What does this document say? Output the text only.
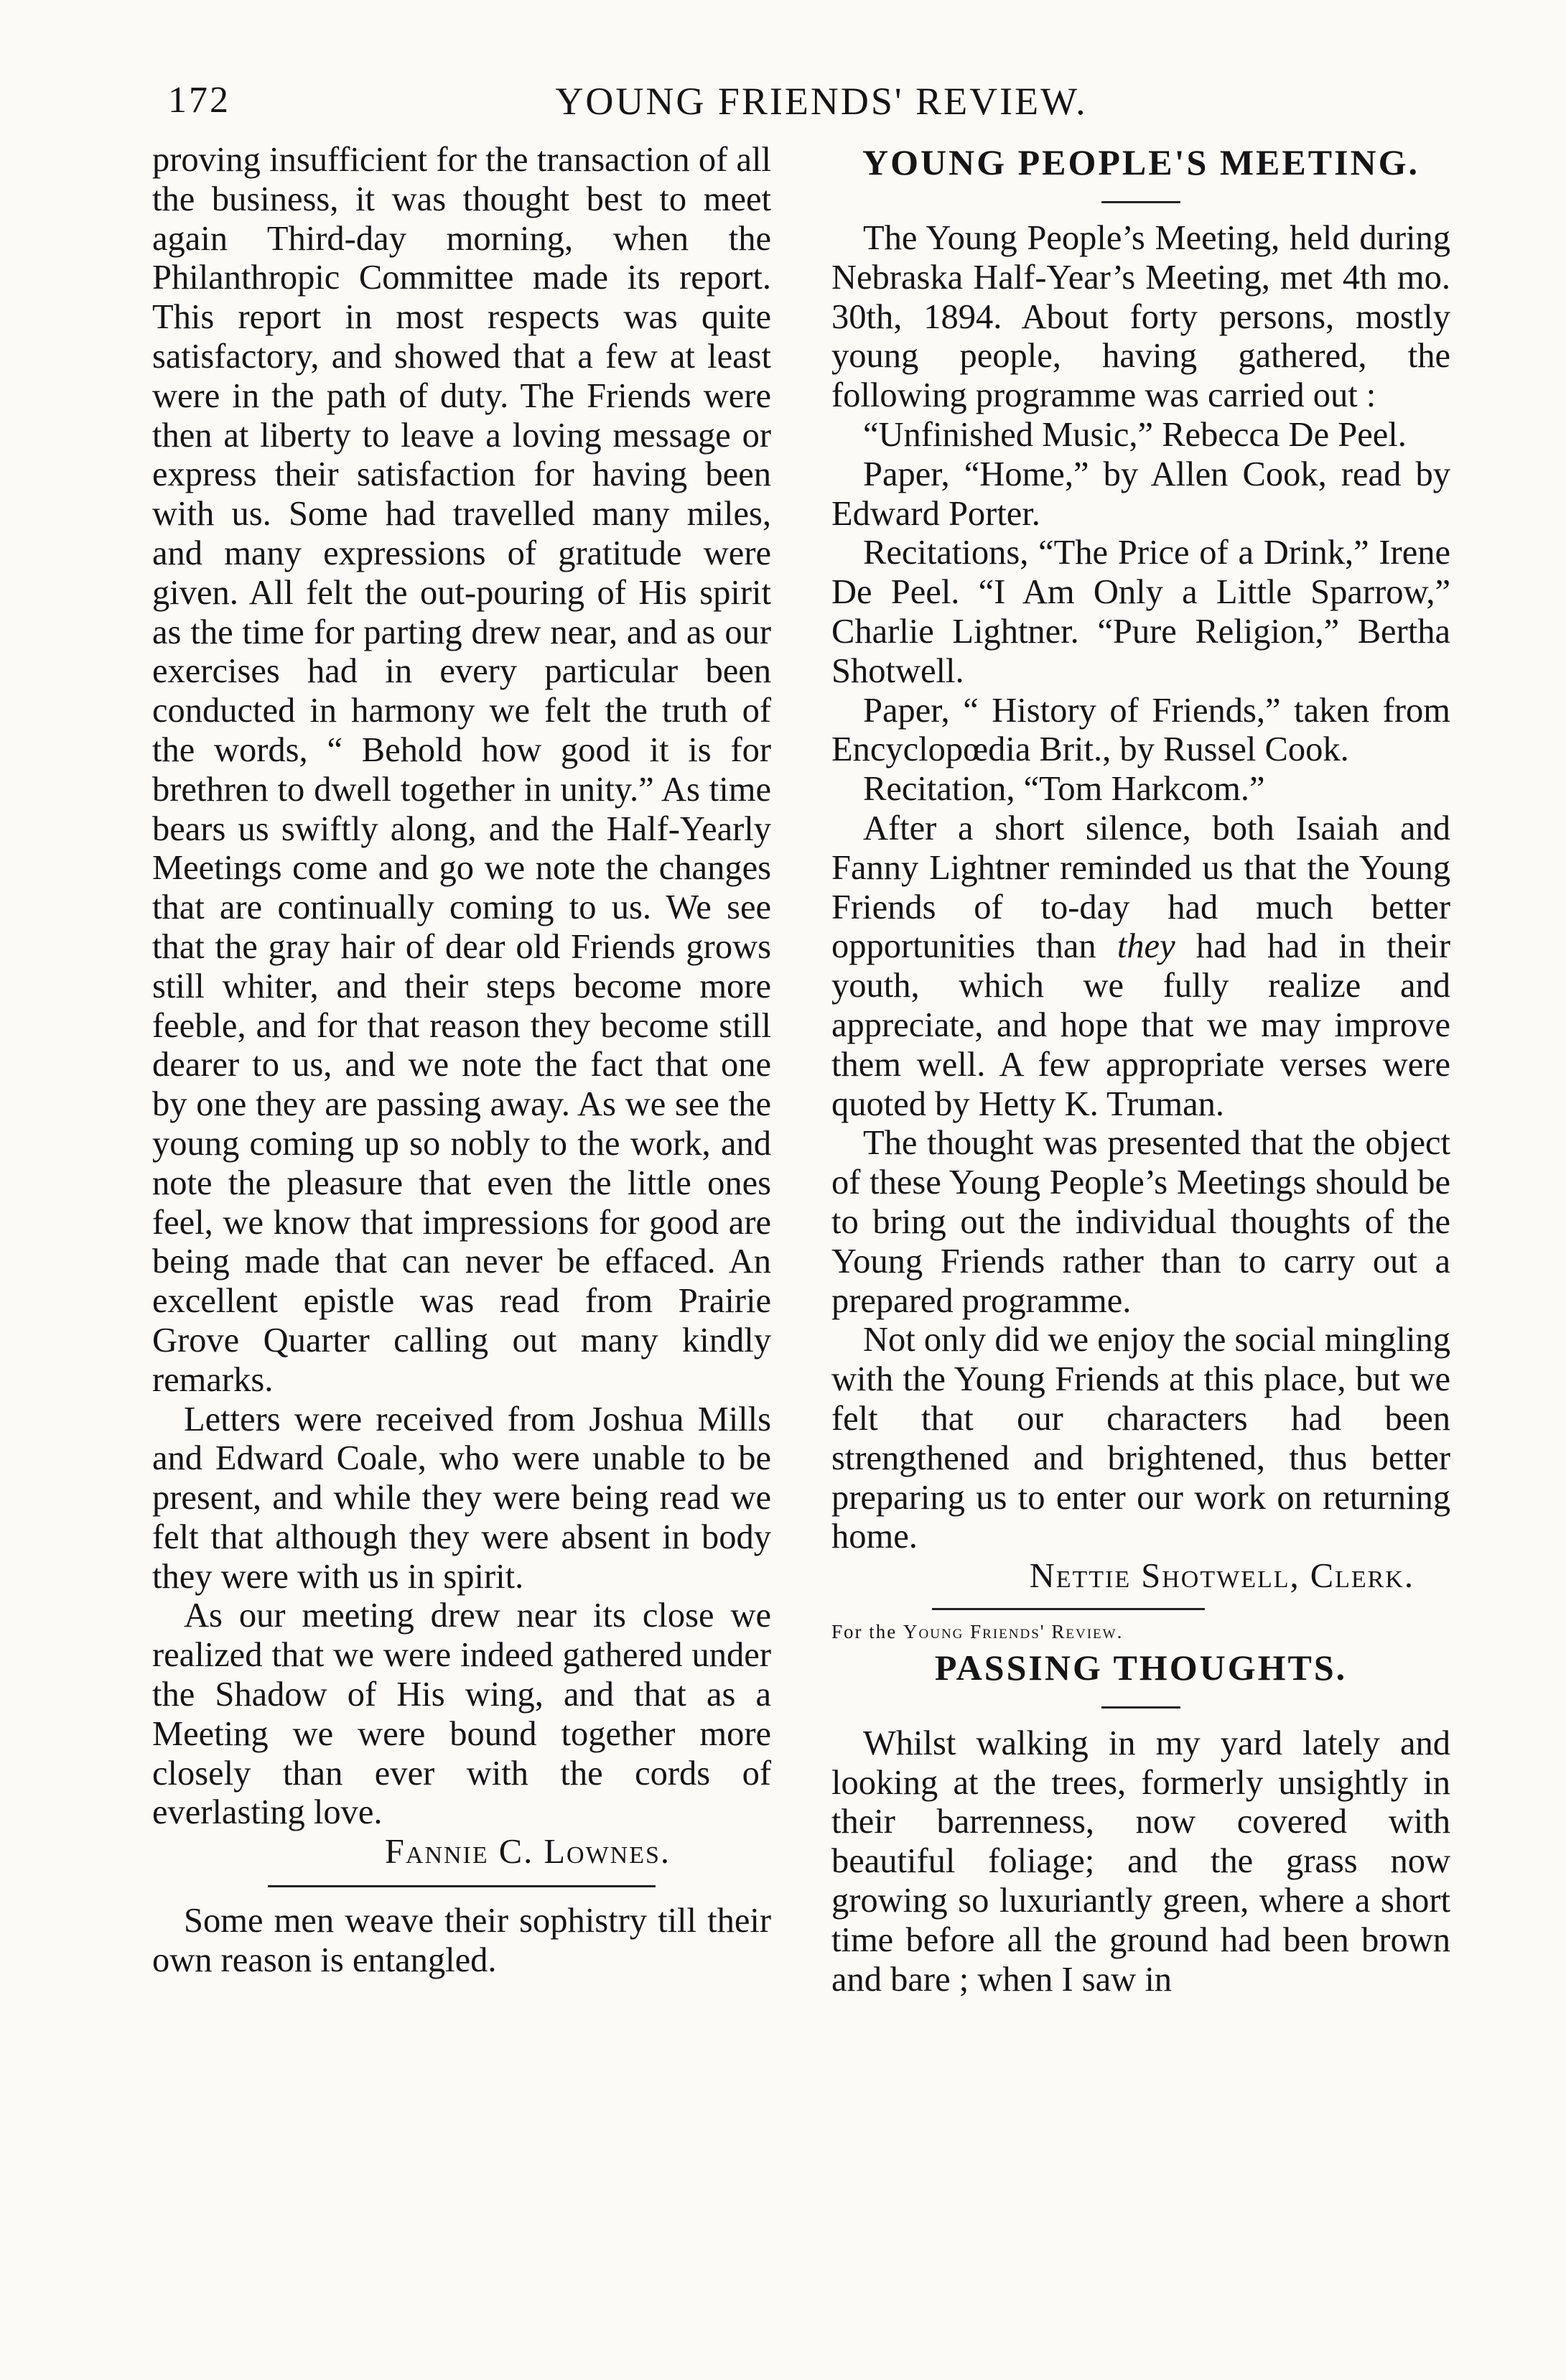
172	YOUNG FRIENDS' REVIEW.

proving insufficient for the transaction of all the business, it was thought best to meet again Third-day morning, when the Philanthropic Committee made its report. This report in most respects was quite satisfactory, and showed that a few at least were in the path of duty. The Friends were then at liberty to leave a loving message or express their satisfaction for having been with us. Some had travelled many miles, and many expressions of gratitude were given. All felt the out-pouring of His spirit as the time for parting drew near, and as our exercises had in every particular been conducted in harmony we felt the truth of the words, “ Behold how good it is for brethren to dwell together in unity.” As time bears us swiftly along, and the Half-Yearly Meetings come and go we note the changes that are continually coming to us. We see that the gray hair of dear old Friends grows still whiter, and their steps become more feeble, and for that reason they become still dearer to us, and we note the fact that one by one they are passing away. As we see the young coming up so nobly to the work, and note the pleasure that even the little ones feel, we know that impressions for good are being made that can never be effaced. An excellent epistle was read from Prairie Grove Quarter calling out many kindly remarks.

Letters were received from Joshua Mills and Edward Coale, who were unable to be present, and while they were being read we felt that although they were absent in body they were with us in spirit.

As our meeting drew near its close we realized that we were indeed gathered under the Shadow of His wing, and that as a Meeting we were bound together more closely than ever with the cords of everlasting love.

Fannie C. Lownes.

Some men weave their sophistry till their own reason is entangled.

YOUNG PEOPLE'S MEETING.

The Young People’s Meeting, held during Nebraska Half-Year’s Meeting, met 4th mo. 30th, 1894. About forty persons, mostly young people, having gathered, the following programme was carried out :

“Unfinished Music,” Rebecca De Peel.

Paper, “Home,” by Allen Cook, read by Edward Porter.

Recitations, “The Price of a Drink,” Irene De Peel. “I Am Only a Little Sparrow,” Charlie Lightner. “Pure Religion,” Bertha Shotwell.

Paper, “ History of Friends,” taken from Encyclopœdia Brit., by Russel Cook.

Recitation, “Tom Harkcom.”

After a short silence, both Isaiah and Fanny Lightner reminded us that the Young Friends of to-day had much better opportunities than they had had in their youth, which we fully realize and appreciate, and hope that we may improve them well. A few appropriate verses were quoted by Hetty K. Truman.

The thought was presented that the object of these Young People’s Meetings should be to bring out the individual thoughts of the Young Friends rather than to carry out a prepared programme.

Not only did we enjoy the social mingling with the Young Friends at this place, but we felt that our characters had been strengthened and brightened, thus better preparing us to enter our work on returning home.

Nettie Shotwell, Clerk.

For the Young Friends' Review.

PASSING THOUGHTS.

Whilst walking in my yard lately and looking at the trees, formerly unsightly in their barrenness, now covered with beautiful foliage; and the grass now growing so luxuriantly green, where a short time before all the ground had been brown and bare ; when I saw in
